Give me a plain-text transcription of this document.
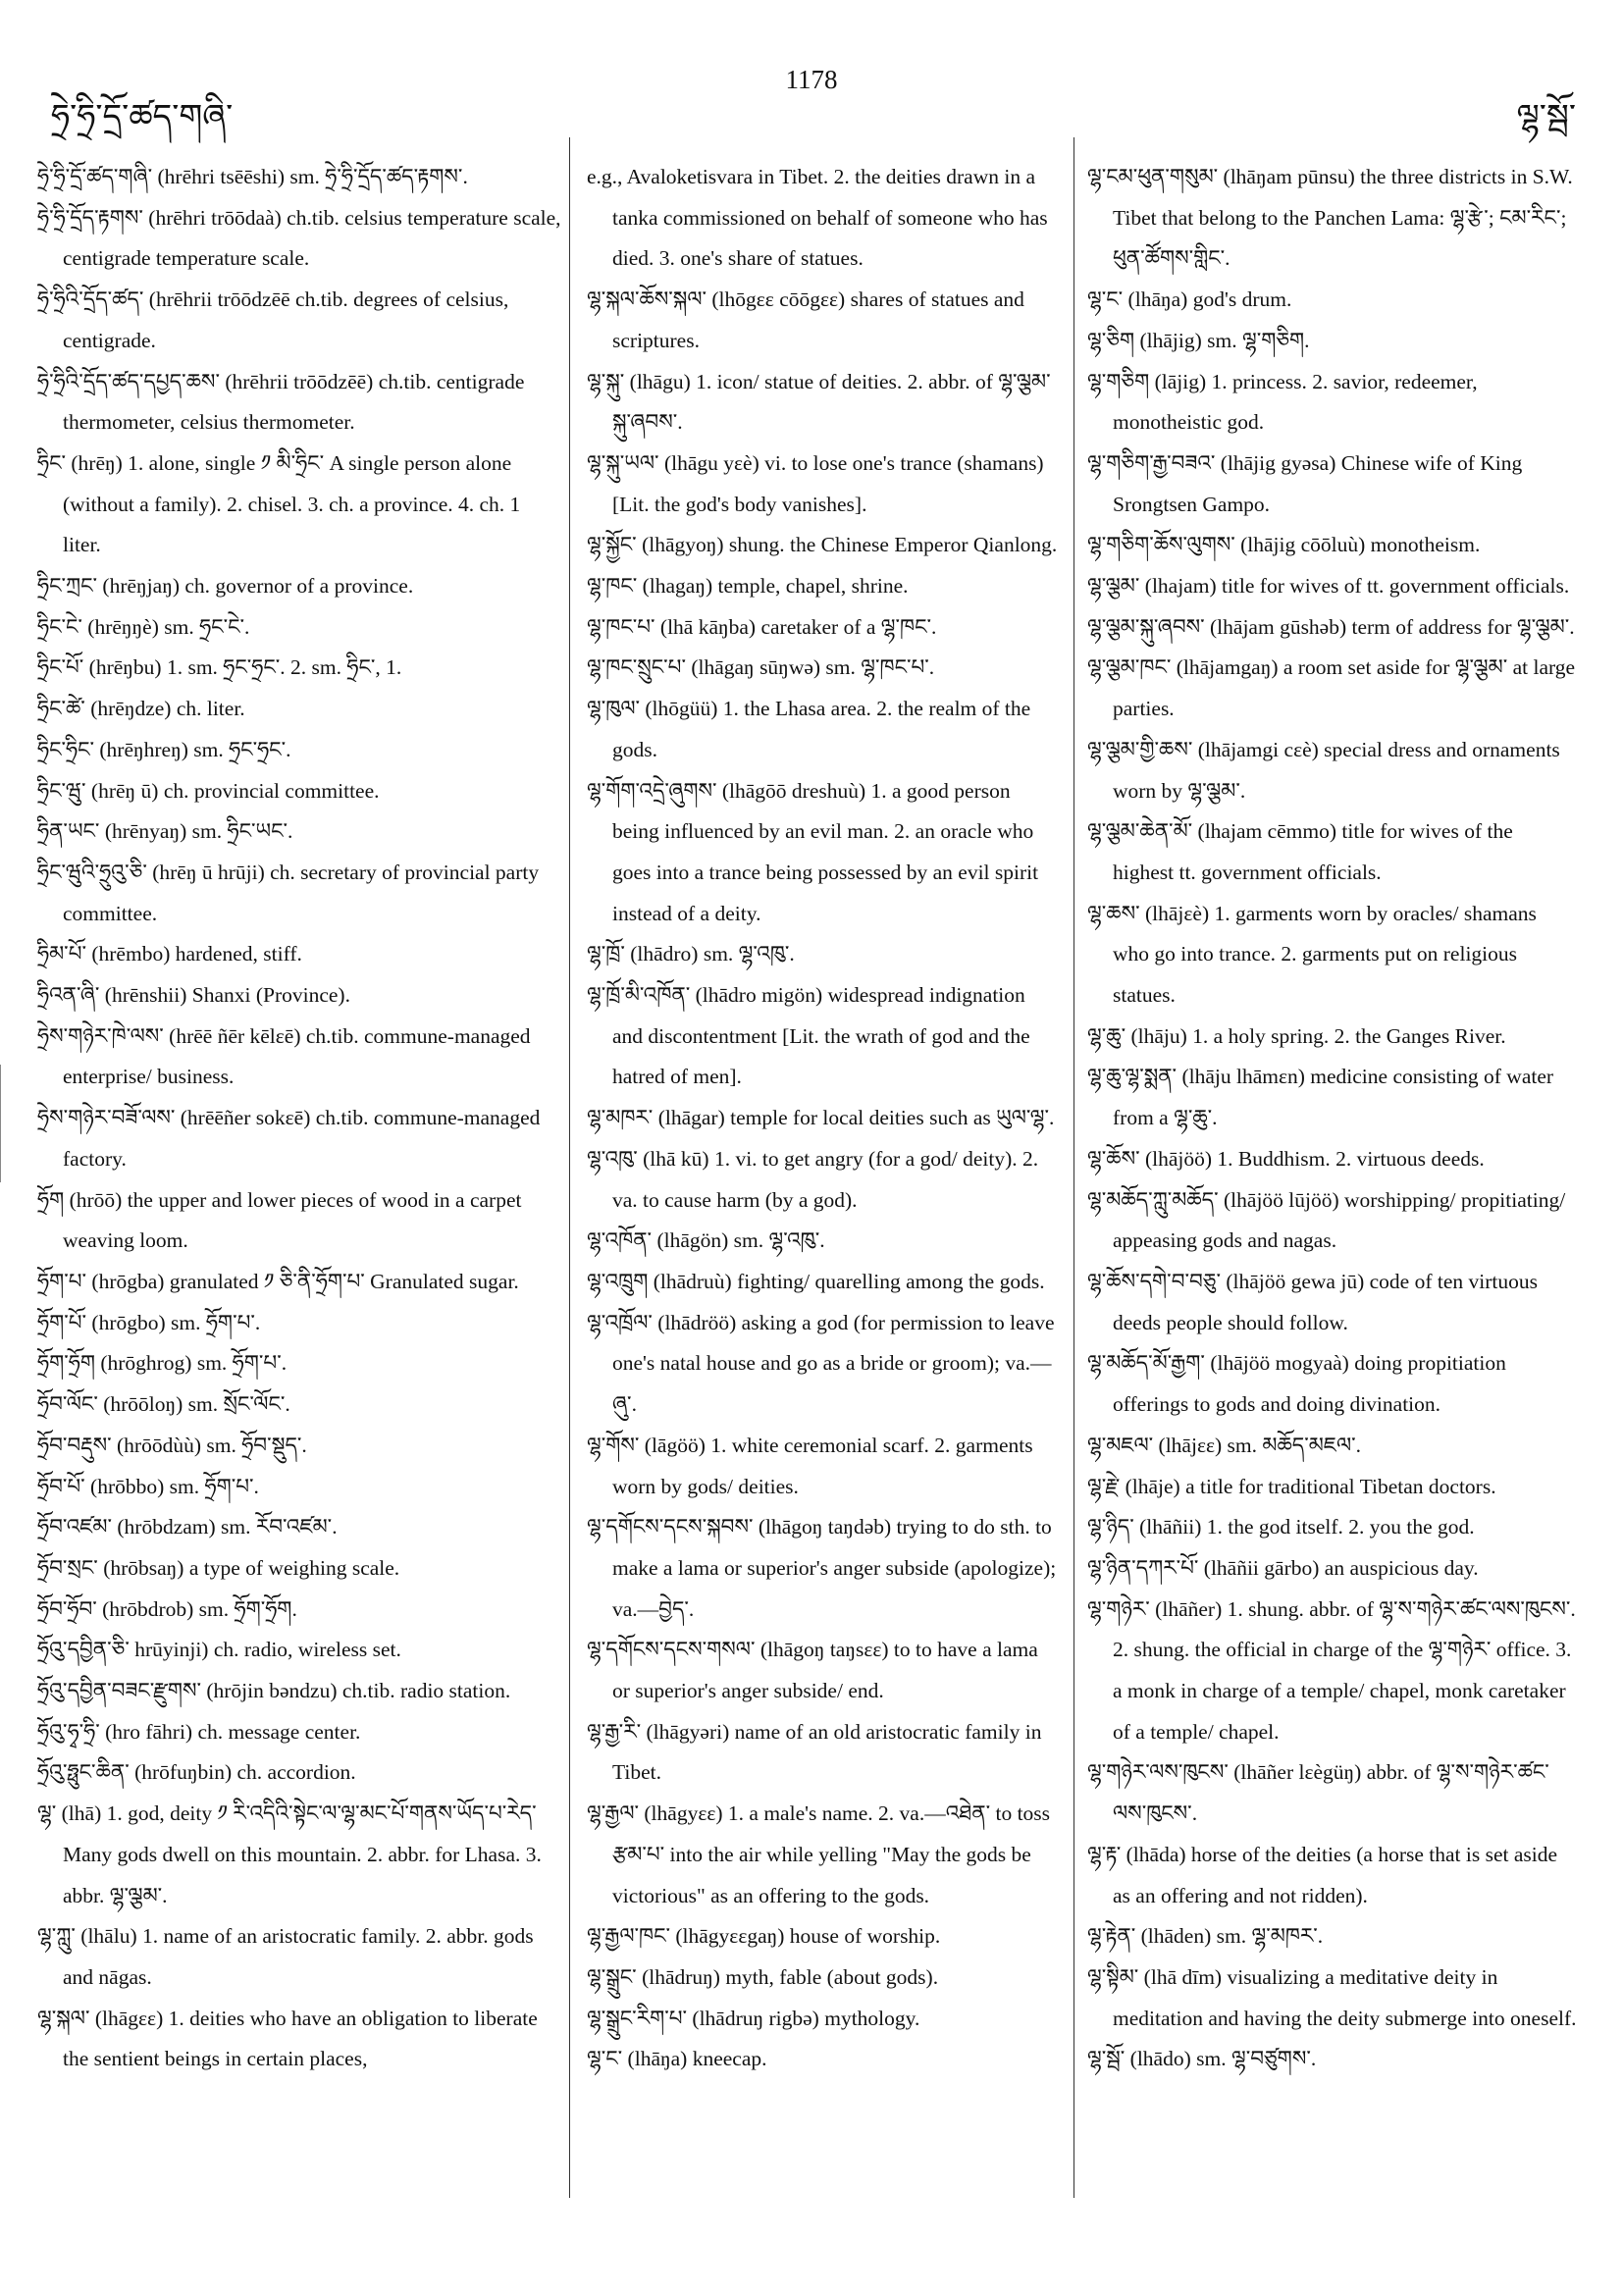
ཧྲེ་ཧྲི་དྲོ་ཚད་གཞི་
1178
ལྷ་སྦོ་

ཧྲེ་ཧྲི་དྲོ་ཚད་གཞི་ (hrēhri tsēēshi) sm. ཧྲེ་ཧྲི་དྲོད་ཚད་རྟགས་.

ཧྲེ་ཧྲི་དྲོད་རྟགས་ (hrēhri trōōdaà) ch.tib. celsius temperature scale, centigrade temperature scale.

ཧྲེ་ཧྲིའི་དྲོད་ཚད་ (hrēhrii trōōdzēē ch.tib. degrees of celsius, centigrade.

ཧྲེ་ཧྲིའི་དྲོད་ཚད་དཔྱད་ཆས་ (hrēhrii trōōdzēē) ch.tib. centigrade thermometer, celsius thermometer.

ཧྲིང་ (hrēŋ) 1. alone, single ༡ མི་ཧྲིང་ A single person alone (without a family). 2. chisel. 3. ch. a province. 4. ch. 1 liter.

ཧྲིང་ཀྲང་ (hrēŋjaŋ) ch. governor of a province.

ཧྲིང་ངེ་ (hrēŋŋè) sm. ཧྲང་ངེ་.

ཧྲིང་པོ་ (hrēŋbu) 1. sm. ཧྲང་ཧྲང་. 2. sm. ཧྲིང་, 1.

ཧྲིང་ཚེ་ (hrēŋdze) ch. liter.

ཧྲིང་ཧྲིང་ (hrēŋhreŋ) sm. ཧྲང་ཧྲང་.

ཧྲིང་ཝུ་ (hrēŋ ū) ch. provincial committee.

ཧྲིན་ཡང་ (hrēnyaŋ) sm. ཧྲིང་ཡང་.

ཧྲིང་ཝུའི་ཧྲུའུ་ཅི་ (hrēŋ ū hrūji) ch. secretary of provincial party committee.

ཧྲིམ་པོ་ (hrēmbo) hardened, stiff.

ཧྲིའན་ཞི་ (hrēnshii) Shanxi (Province).

ཧྲེས་གཉེར་ཁེ་ལས་ (hrēē ñēr kēlεē) ch.tib. commune-managed enterprise/ business.

ཧྲེས་གཉེར་བཟོ་ལས་ (hrēēñer sokεē) ch.tib. commune-managed factory.

ཧྲོག (hrōō) the upper and lower pieces of wood in a carpet weaving loom.

ཧྲོག་པ་ (hrōgba) granulated ༡ ཅི་ནི་ཧྲོག་པ་ Granulated sugar.

ཧྲོག་པོ་ (hrōgbo) sm. ཧྲོག་པ་.

ཧྲོག་ཧྲོག (hrōghrog) sm. ཧྲོག་པ་.

ཧྲོབ་ལོང་ (hrōōloŋ) sm. སྲོང་ལོང་.

ཧྲོབ་བརྡུས་ (hrōōdùù) sm. ཧྲོབ་སྡུད་.

ཧྲོབ་པོ་ (hrōbbo) sm. ཧྲོག་པ་.

ཧྲོབ་འཛམ་ (hrōbdzam) sm. རོབ་འཛམ་.

ཧྲོབ་སྲང་ (hrōbsaŋ) a type of weighing scale.

ཧྲོབ་ཧྲོབ་ (hrōbdrob) sm. ཧྲོག་ཧྲོག.

ཧྲོའུ་དབྱིན་ཅི་ hrūyinji) ch. radio, wireless set.

ཧྲོའུ་དབྱིན་བཟང་རྫུགས་ (hrōjin bəndzu) ch.tib. radio station.

ཧྲོའུ་ཧྭ་ཧྲི་ (hro fāhri) ch. message center.

ཧྲོའུ་ཧྥུང་ཆིན་ (hrōfuŋbin) ch. accordion.

ལྷ་ (lhā) 1. god, deity ༡ རི་འདིའི་སྟེང་ལ་ལྷ་མང་པོ་གནས་ཡོད་པ་རེད་ Many gods dwell on this mountain. 2. abbr. for Lhasa. 3. abbr. ལྷ་ལྕམ་.

ལྷ་ཀླུ་ (lhālu) 1. name of an aristocratic family. 2. abbr. gods and nāgas.

ལྷ་སྐལ་ (lhāgεε) 1. deities who have an obligation to liberate the sentient beings in certain places,

e.g., Avaloketisvara in Tibet. 2. the deities drawn in a tanka commissioned on behalf of someone who has died. 3. one's share of statues.

ལྷ་སྐལ་ཆོས་སྐལ་ (lhōgεε cōōgεε) shares of statues and scriptures.

ལྷ་སྐུ་ (lhāgu) 1. icon/ statue of deities. 2. abbr. of ལྷ་ལྕམ་སྐུ་ཞབས་.

ལྷ་སྐུ་ཡལ་ (lhāgu yεè) vi. to lose one's trance (shamans) [Lit. the god's body vanishes].

ལྷ་སྐྱོང་ (lhāgyoŋ) shung. the Chinese Emperor Qianlong.

ལྷ་ཁང་ (lhagaŋ) temple, chapel, shrine.

ལྷ་ཁང་པ་ (lhā kāŋba) caretaker of a ལྷ་ཁང་.

ལྷ་ཁང་སྲུང་པ་ (lhāgaŋ sūŋwə) sm. ལྷ་ཁང་པ་.

ལྷ་ཁུལ་ (lhōgüü) 1. the Lhasa area. 2. the realm of the gods.

ལྷ་གོག་འདྲེ་ཞུགས་ (lhāgōō dreshuù) 1. a good person being influenced by an evil man. 2. an oracle who goes into a trance being possessed by an evil spirit instead of a deity.

ལྷ་ཁྲོ་ (lhādro) sm. ལྷ་འཁུ་.

ལྷ་ཁྲོ་མི་འཁོན་ (lhādro migön) widespread indignation and discontentment [Lit. the wrath of god and the hatred of men].

ལྷ་མཁར་ (lhāgar) temple for local deities such as ཡུལ་ལྷ་.

ལྷ་འཁུ་ (lhā kū) 1. vi. to get angry (for a god/ deity). 2. va. to cause harm (by a god).

ལྷ་འཁོན་ (lhāgön) sm. ལྷ་འཁུ་.

ལྷ་འཁྲུག (lhādruù) fighting/ quarelling among the gods.

ལྷ་འཁྲོལ་ (lhādröö) asking a god (for permission to leave one's natal house and go as a bride or groom); va.—ཞུ་.

ལྷ་གོས་ (lāgöö) 1. white ceremonial scarf. 2. garments worn by gods/ deities.

ལྷ་དགོངས་དངས་སྐབས་ (lhāgoŋ taŋdəb) trying to do sth. to make a lama or superior's anger subside (apologize); va.—བྱེད་.

ལྷ་དགོངས་དངས་གསལ་ (lhāgoŋ taŋsεε) to to have a lama or superior's anger subside/ end.

ལྷ་རྒྱ་རི་ (lhāgyəri) name of an old aristocratic family in Tibet.

ལྷ་རྒྱལ་ (lhāgyεε) 1. a male's name. 2. va.—འཐེན་ to toss རྩམ་པ་ into the air while yelling "May the gods be victorious" as an offering to the gods.

ལྷ་རྒྱལ་ཁང་ (lhāgyεεgaŋ) house of worship.

ལྷ་སྒྲུང་ (lhādruŋ) myth, fable (about gods).

ལྷ་སྒྲུང་རིག་པ་ (lhādruŋ rigbə) mythology.

ལྷ་ང་ (lhāŋa) kneecap.

ལྷ་ངམ་ཕུན་གསུམ་ (lhāŋam pūnsu) the three districts in S.W. Tibet that belong to the Panchen Lama: ལྷ་རྩེ་; ངམ་རིང་; ཕུན་ཚོགས་གླིང་.

ལྷ་ང་ (lhāŋa) god's drum.

ལྷ་ཅིག (lhājig) sm. ལྷ་གཅིག.

ལྷ་གཅིག (lājig) 1. princess. 2. savior, redeemer, monotheistic god.

ལྷ་གཅིག་རྒྱ་བཟའ་ (lhājig gyəsa) Chinese wife of King Srongtsen Gampo.

ལྷ་གཅིག་ཆོས་ལུགས་ (lhājig cōōluù) monotheism.

ལྷ་ལྕམ་ (lhajam) title for wives of tt. government officials.

ལྷ་ལྕམ་སྐུ་ཞབས་ (lhājam gūshəb) term of address for ལྷ་ལྕམ་.

ལྷ་ལྕམ་ཁང་ (lhājamgaŋ) a room set aside for ལྷ་ལྕམ་ at large parties.

ལྷ་ལྕམ་གྱི་ཆས་ (lhājamgi cεè) special dress and ornaments worn by ལྷ་ལྕམ་.

ལྷ་ལྕམ་ཆེན་མོ་ (lhajam cēmmo) title for wives of the highest tt. government officials.

ལྷ་ཆས་ (lhājεè) 1. garments worn by oracles/ shamans who go into trance. 2. garments put on religious statues.

ལྷ་ཆུ་ (lhāju) 1. a holy spring. 2. the Ganges River.

ལྷ་ཆུ་ལྷ་སྨན་ (lhāju lhāmεn) medicine consisting of water from a ལྷ་ཆུ་.

ལྷ་ཆོས་ (lhājöö) 1. Buddhism. 2. virtuous deeds.

ལྷ་མཆོད་ཀླུ་མཆོད་ (lhājöö lūjöö) worshipping/ propitiating/ appeasing gods and nagas.

ལྷ་ཆོས་དགེ་བ་བཅུ་ (lhājöö gewa jū) code of ten virtuous deeds people should follow.

ལྷ་མཆོད་མོ་རྒྱག་ (lhājöö mogyaà) doing propitiation offerings to gods and doing divination.

ལྷ་མཇལ་ (lhājεε) sm. མཆོད་མཇལ་.

ལྷ་རྗེ་ (lhāje) a title for traditional Tibetan doctors.

ལྷ་ཉིད་ (lhāñii) 1. the god itself. 2. you the god.

ལྷ་ཉིན་དཀར་པོ་ (lhāñii gārbo) an auspicious day.

ལྷ་གཉེར་ (lhāñer) 1. shung. abbr. of ལྷ་ས་གཉེར་ཚང་ལས་ཁུངས་. 2. shung. the official in charge of the ལྷ་གཉེར་ office. 3. a monk in charge of a temple/ chapel, monk caretaker of a temple/ chapel.

ལྷ་གཉེར་ལས་ཁུངས་ (lhāñer lεègüŋ) abbr. of ལྷ་ས་གཉེར་ཚང་ལས་ཁུངས་.

ལྷ་རྟ་ (lhāda) horse of the deities (a horse that is set aside as an offering and not ridden).

ལྷ་རྟེན་ (lhāden) sm. ལྷ་མཁར་.

ལྷ་སྟིམ་ (lhā dīm) visualizing a meditative deity in meditation and having the deity submerge into oneself.

ལྷ་སྦོ་ (lhādo) sm. ལྷ་བཙུགས་.
